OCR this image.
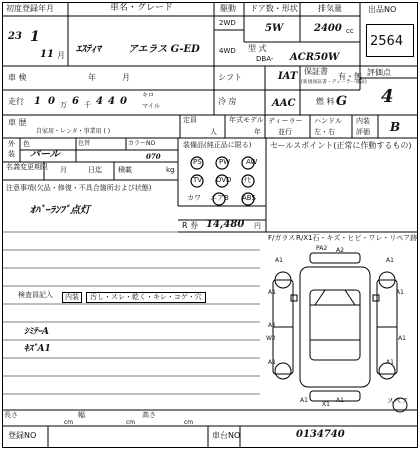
初度登録年月
23 1
11 月
車名・グレード
ｴｽﾃｨﾏ	アエラス G-ED
駆動 ドア数・形状	排気量	出品NO
2564
2WD
4WD
5W	2400 cc
型 式
DBA- ACR50W
車 検	年	月	シフト	IAT 保証書
(新規保証書・ディーラー保証)
有・無 評価点
4
走行 1 0 万 6 千 4 4 0
キロ
マイル
冷 房	AAC	燃 料 G
車 歴
自家用・レンタ・事業用 ( )
定員
人
年式モデル
年
ディーラー
並行
ハンドル
左・右
内装
評価 B
外
装
色
パール
色替	カラーNO
070
装備品(純正品に限る) セールスポイント(正常に作動するもの)
PS PW AW
TV DVD ﾅﾋﾞ
カワ エアB ABS
名義変更期限 月	日迄 積載	kg
R 券 14,480 円
注意事項(欠品・修復・不具合箇所および状態)
ｵﾊﾞｰﾗﾝﾌﾟ点灯
検査員記入	内装	汚し・スレ・乾く・キレ・コゲ・穴
ｼﾐﾃｰA
ｷｽﾞA1
F/ガラス R/X1石・キズ・ヒビ・ワレ・リペア跡
PA2 A2
A1	A1
A1	A1
A1
W2	A1
A1	A1
A1	A1
X1	スペア
長さ
cm
幅
cm
高さ
cm
登録NO	車台NO	0134740
